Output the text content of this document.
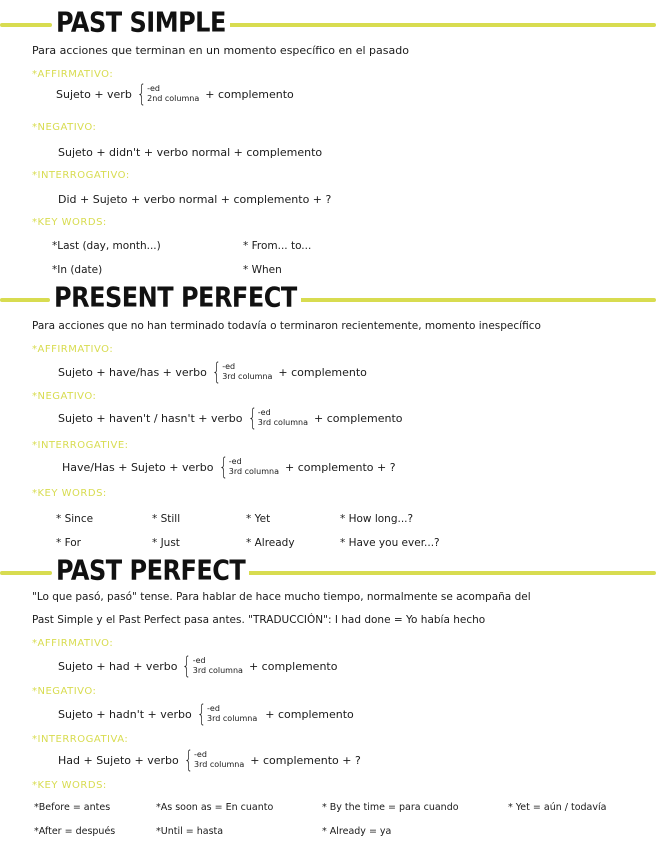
PAST SIMPLE
Para acciones que terminan en un momento específico en el pasado
*AFFIRMATIVO:
Sujeto + verb { -ed
2nd columna + complemento
*NEGATIVO:
Sujeto + didn't + verbo normal + complemento
*INTERROGATIVO:
Did + Sujeto + verbo normal + complemento + ?
*KEY WORDS:
*Last (day, month...)	* From... to...
*In (date)	* When
PRESENT PERFECT
Para acciones que no han terminado todavía o terminaron recientemente, momento inespecífico
*AFFIRMATIVO:
Sujeto + have/has + verbo { -ed
3rd columna + complemento
*NEGATIVO:
Sujeto + haven't / hasn't + verbo { -ed
3rd columna + complemento
*INTERROGATIVE:
Have/Has + Sujeto + verbo { -ed
3rd columna + complemento + ?
*KEY WORDS:
* Since	* Still	* Yet	* How long...?
* For	* Just	* Already	* Have you ever...?
PAST PERFECT
"Lo que pasó, pasó" tense. Para hablar de hace mucho tiempo, normalmente se acompaña del
Past Simple y el Past Perfect pasa antes. "TRADUCCIÓN": I had done = Yo había hecho
*AFFIRMATIVO:
Sujeto + had + verbo { -ed
3rd columna + complemento
*NEGATIVO:
Sujeto + hadn't + verbo { -ed
3rd columna + complemento
*INTERROGATIVA:
Had + Sujeto + verbo { -ed
3rd columna + complemento + ?
*KEY WORDS:
*Before = antes	*As soon as = En cuanto	* By the time = para cuando	* Yet = aún / todavía
*After = después	*Until = hasta	* Already = ya
